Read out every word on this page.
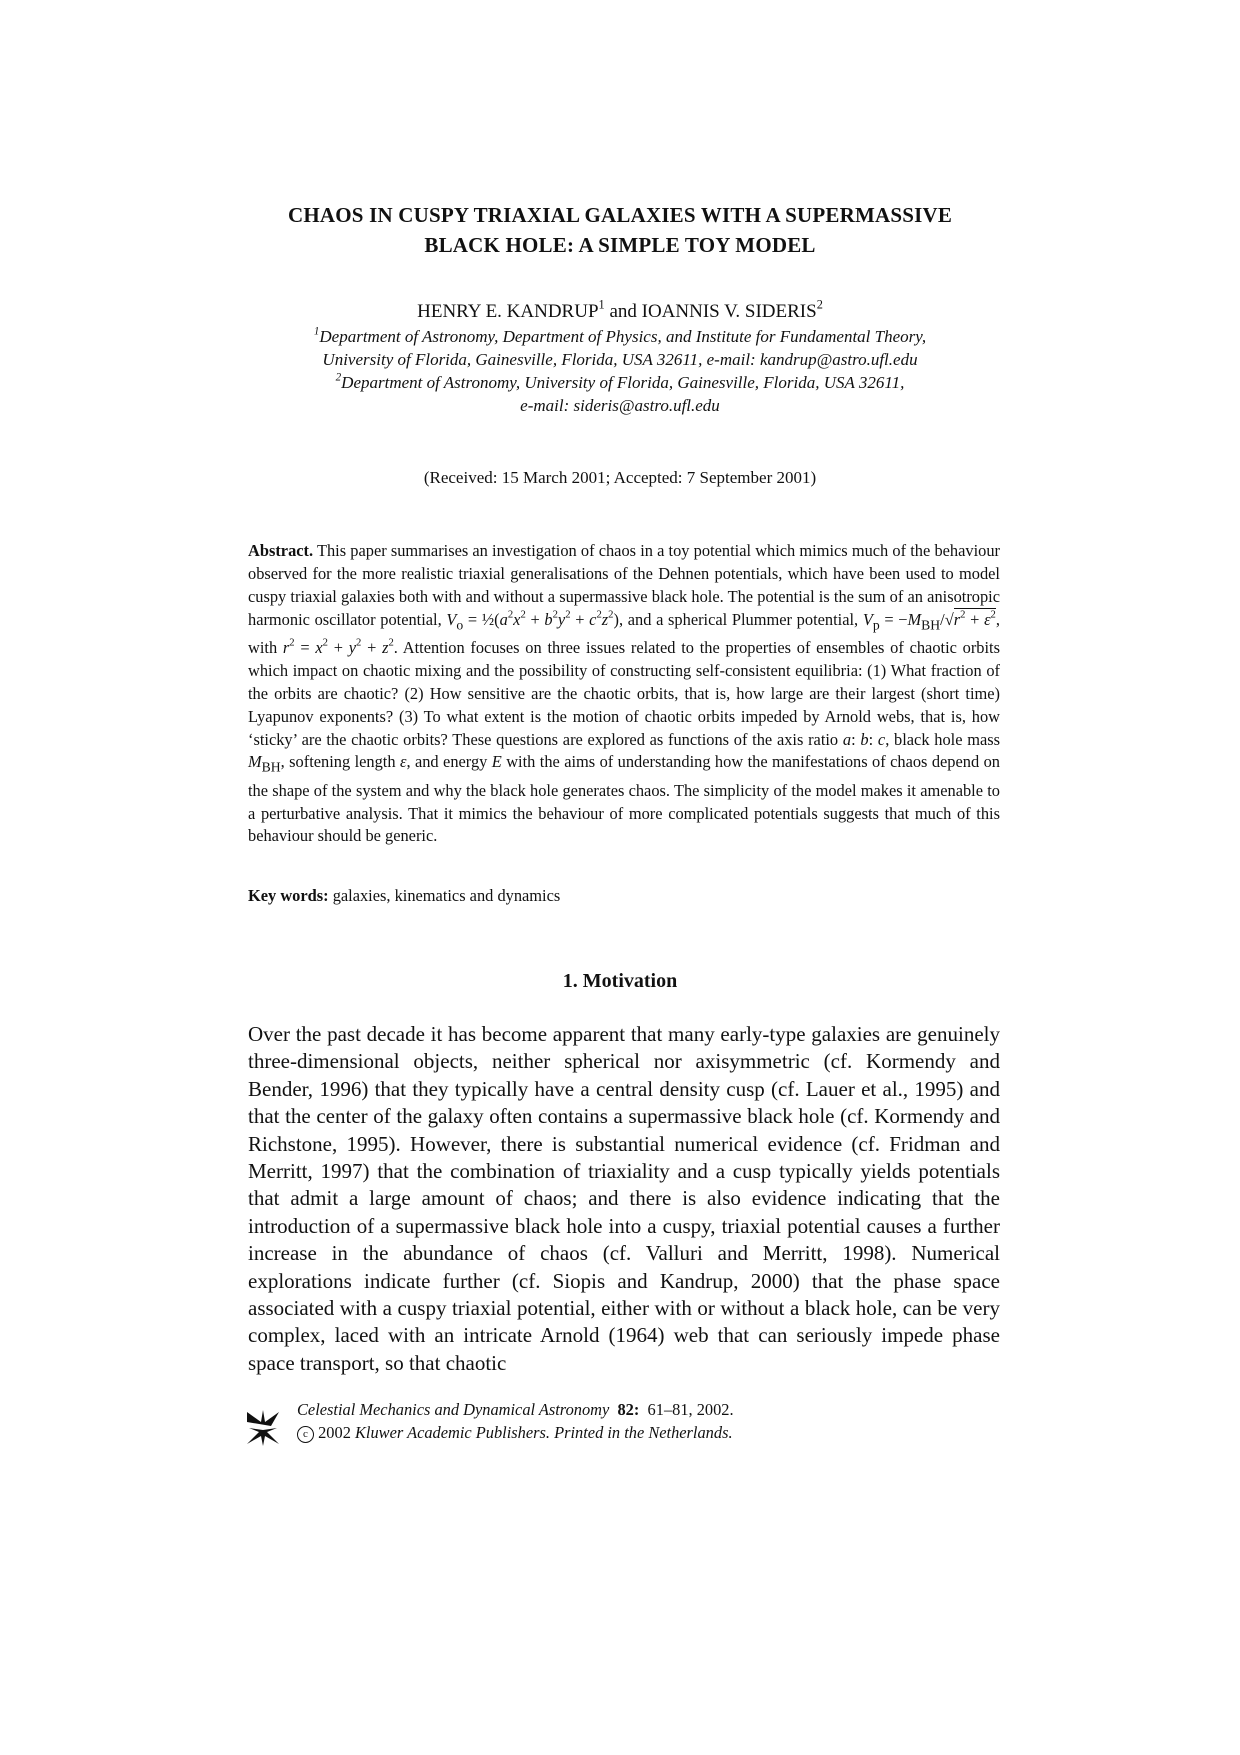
CHAOS IN CUSPY TRIAXIAL GALAXIES WITH A SUPERMASSIVE
BLACK HOLE: A SIMPLE TOY MODEL
HENRY E. KANDRUP$^1$ and IOANNIS V. SIDERIS$^2$
$^1$Department of Astronomy, Department of Physics, and Institute for Fundamental Theory,
University of Florida, Gainesville, Florida, USA 32611, e-mail: kandrup@astro.ufl.edu
$^2$Department of Astronomy, University of Florida, Gainesville, Florida, USA 32611,
e-mail: sideris@astro.ufl.edu
(Received: 15 March 2001; Accepted: 7 September 2001)
Abstract. This paper summarises an investigation of chaos in a toy potential which mimics much of the behaviour observed for the more realistic triaxial generalisations of the Dehnen potentials, which have been used to model cuspy triaxial galaxies both with and without a supermassive black hole. The potential is the sum of an anisotropic harmonic oscillator potential, $V_o$ = $\frac{1}{2}(a^2x^2 + b^2y^2 + c^2z^2)$, and a spherical Plummer potential, $V_p = -M_{BH}/√r^2 + \varepsilon^2$, with $r^2 = x^2 + y^2 + z^2$. Attention focuses on three issues related to the properties of ensembles of chaotic orbits which impact on chaotic mixing and the possibility of constructing self-consistent equilibria: (1) What fraction of the orbits are chaotic? (2) How sensitive are the chaotic orbits, that is, how large are their largest (short time) Lyapunov exponents? (3) To what extent is the motion of chaotic orbits impeded by Arnold webs, that is, how ‘sticky’ are the chaotic orbits? These questions are explored as functions of the axis ratio a: b: c, black hole mass $M_{BH}$, softening length ε, and energy E with the aims of understanding how the manifestations of chaos depend on the shape of the system and why the black hole generates chaos. The simplicity of the model makes it amenable to a perturbative analysis. That it mimics the behaviour of more complicated potentials suggests that much of this behaviour should be generic.
Key words: galaxies, kinematics and dynamics
1. Motivation
Over the past decade it has become apparent that many early-type galaxies are genuinely three-dimensional objects, neither spherical nor axisymmetric (cf. Kormendy and Bender, 1996) that they typically have a central density cusp (cf. Lauer et al., 1995) and that the center of the galaxy often contains a supermassive black hole (cf. Kormendy and Richstone, 1995). However, there is substantial numerical evidence (cf. Fridman and Merritt, 1997) that the combination of triaxiality and a cusp typically yields potentials that admit a large amount of chaos; and there is also evidence indicating that the introduction of a supermassive black hole into a cuspy, triaxial potential causes a further increase in the abundance of chaos (cf. Valluri and Merritt, 1998). Numerical explorations indicate further (cf. Siopis and Kandrup, 2000) that the phase space associated with a cuspy triaxial potential, either with or without a black hole, can be very complex, laced with an intricate Arnold (1964) web that can seriously impede phase space transport, so that chaotic
Celestial Mechanics and Dynamical Astronomy 82: 61–81, 2002.
c 2002 Kluwer Academic Publishers. Printed in the Netherlands.
